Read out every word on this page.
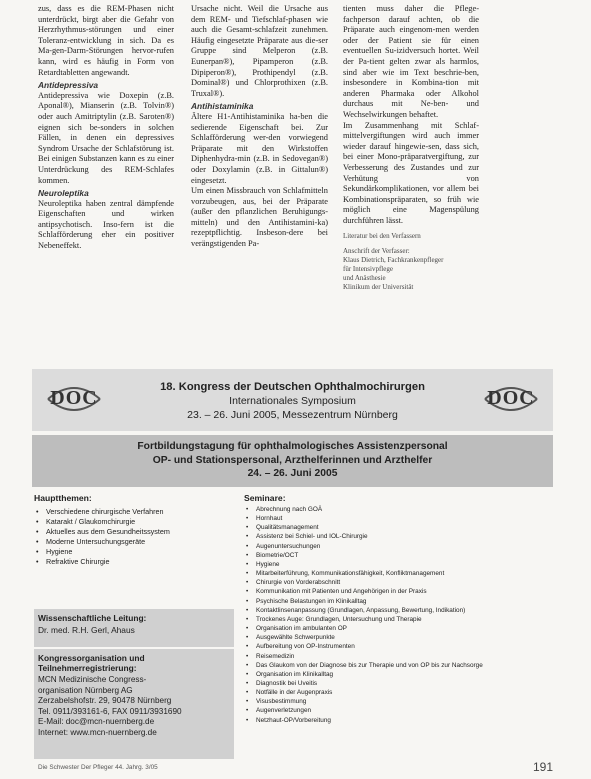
zus, dass es die REM-Phasen nicht unterdrückt, birgt aber die Gefahr von Herzrhythmus-störungen und einer Toleranz-entwicklung in sich. Da es Ma-gen-Darm-Störungen hervor-rufen kann, wird es häufig in Form von Retardtabletten angewandt.

Antidepressiva

Antidepressiva wie Doxepin (z.B. Aponal®), Mianserin (z.B. Tolvin®) oder auch Amitriptylin (z.B. Saroten®) eignen sich be-sonders in solchen Fällen, in denen ein depressives Syndrom Ursache der Schlafstörung ist. Bei einigen Substanzen kann es zu einer Unterdrückung des REM-Schlafes kommen.

Neuroleptika

Neuroleptika haben zentral dämpfende Eigenschaften und wirken antipsychotisch. Inso-fern ist die Schlafförderung eher ein positiver Nebeneffekt.

Ursache nicht. Weil die Ursache aus dem REM- und Tiefschlaf-phasen wie auch die Gesamt-schlafzeit zunehmen. Häufig eingesetzte Präparate aus die-ser Gruppe sind Melperon (z.B. Eunerpan®), Pipamperon (z.B. Dipiperon®), Prothipendyl (z.B. Dominal®) und Chlorprothixen (z.B. Truxal®).

Antihistaminika

Ältere H1-Antihistaminika ha-ben die sedierende Eigenschaft bei. Zur Schlafförderung wer-den vorwiegend Präparate mit den Wirkstoffen Diphenhydra-min (z.B. in Sedovegan®) oder Doxylamin (z.B. in Gittalun®) eingesetzt.

Um einen Missbrauch von Schlafmitteln vorzubeugen, aus, bei der Präparate (außer den pflanzlichen Beruhigungs-mitteln) und den Antihistamini-ka) rezeptpflichtig. Insbeson-dere bei verängstigenden Pa-

tienten muss daher die Pflege-fachperson darauf achten, ob die Präparate auch eingenom-men werden oder der Patient sie für einen eventuellen Su-izidversuch hortet. Weil der Pa-tient gelten zwar als harmlos, sind aber wie im Text beschrie-ben, insbesondere in Kombina-tion mit anderen Pharmaka oder Alkohol durchaus mit Ne-ben- und Wechselwirkungen behaftet.

Im Zusammenhang mit Schlaf-mittelvergiftungen wird auch immer wieder darauf hingewie-sen, dass sich, bei einer Mono-präparatvergiftung, zur Verbesserung des Zustandes und zur Verhütung von Sekundärkomplikationen, vor allem bei Kombinationspräparaten, so früh wie möglich eine Magenspülung durchführen lässt.

Literatur bei den Verfassern
Anschrift der Verfasser:
Klaus Dietrich, Fachkrankenpfleger
für Intensivpflege
und Anästhesie
Klinikum der Universität
DOC	18. Kongress der Deutschen Ophthalmochirurgen
Internationales Symposium
23. – 26. Juni 2005, Messezentrum Nürnberg
DOC
Fortbildungstagung für ophthalmologisches Assistenzpersonal
OP- und Stationspersonal, Arzthelferinnen und Arzthelfer
24. – 26. Juni 2005
Hauptthemen:
• Verschiedene chirurgische Verfahren
• Katarakt / Glaukomchirurgie
• Aktuelles aus dem Gesundheitssystem
• Moderne Untersuchungsgeräte
• Hygiene
• Refraktive Chirurgie
Seminare:
• Abrechnung nach GOÄ
• Hornhaut
• Qualitätsmanagement
• Assistenz bei Schiel- und IOL-Chirurgie
• Augenuntersuchungen
• Biometrie/OCT
• Hygiene
• Mitarbeiterführung, Kommunikationsfähigkeit, Konfliktmanagement
• Chirurgie von Vorderabschnitt
• Kommunikation mit Patienten und Angehörigen in der Praxis
• Psychische Belastungen im Klinikalltag
• Kontaktlinsenanpassung (Grundlagen, Anpassung, Bewertung, Indikation)
• Trockenes Auge: Grundlagen, Untersuchung und Therapie
• Organisation im ambulanten OP
• Ausgewählte Schwerpunkte
• Aufbereitung von OP-Instrumenten
• Reisemedizin
• Das Glaukom von der Diagnose bis zur Therapie und von OP bis zur Nachsorge
• Organisation im Klinikalltag
• Diagnostik bei Uveitis
• Notfälle in der Augenpraxis
• Visusbestimmung
• Augenverletzungen
• Netzhaut-OP/Vorbereitung
Wissenschaftliche Leitung:
Dr. med. R.H. Gerl, Ahaus
Kongressorganisation und Teilnehmerregistrierung:
MCN Medizinische Congress-
organisation Nürnberg AG
Zerzabelshofstr. 29, 90478 Nürnberg
Tel. 0911/393161-6, FAX 0911/3931690
E-Mail: doc@mcn-nuernberg.de
Internet: www.mcn-nuernberg.de
Die Schwester Der Pfleger 44. Jahrg. 3/05	191
